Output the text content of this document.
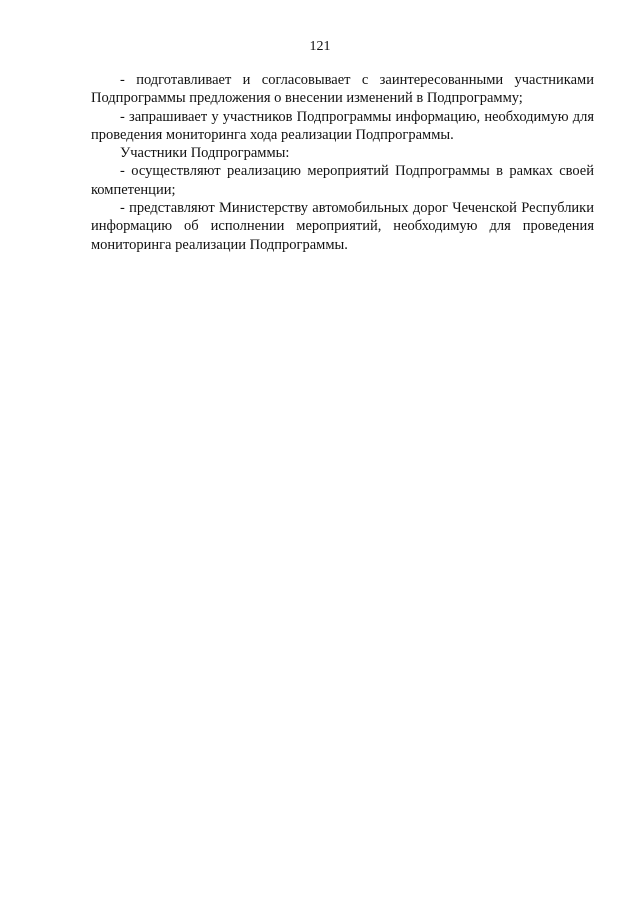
121

- подготавливает и согласовывает с заинтересованными участниками Подпрограммы предложения о внесении изменений в Подпрограмму;

- запрашивает у участников Подпрограммы информацию, необходимую для проведения мониторинга хода реализации Подпрограммы.

Участники Подпрограммы:

- осуществляют реализацию мероприятий Подпрограммы в рамках своей компетенции;

- представляют Министерству автомобильных дорог Чеченской Республики информацию об исполнении мероприятий, необходимую для проведения мониторинга реализации Подпрограммы.
